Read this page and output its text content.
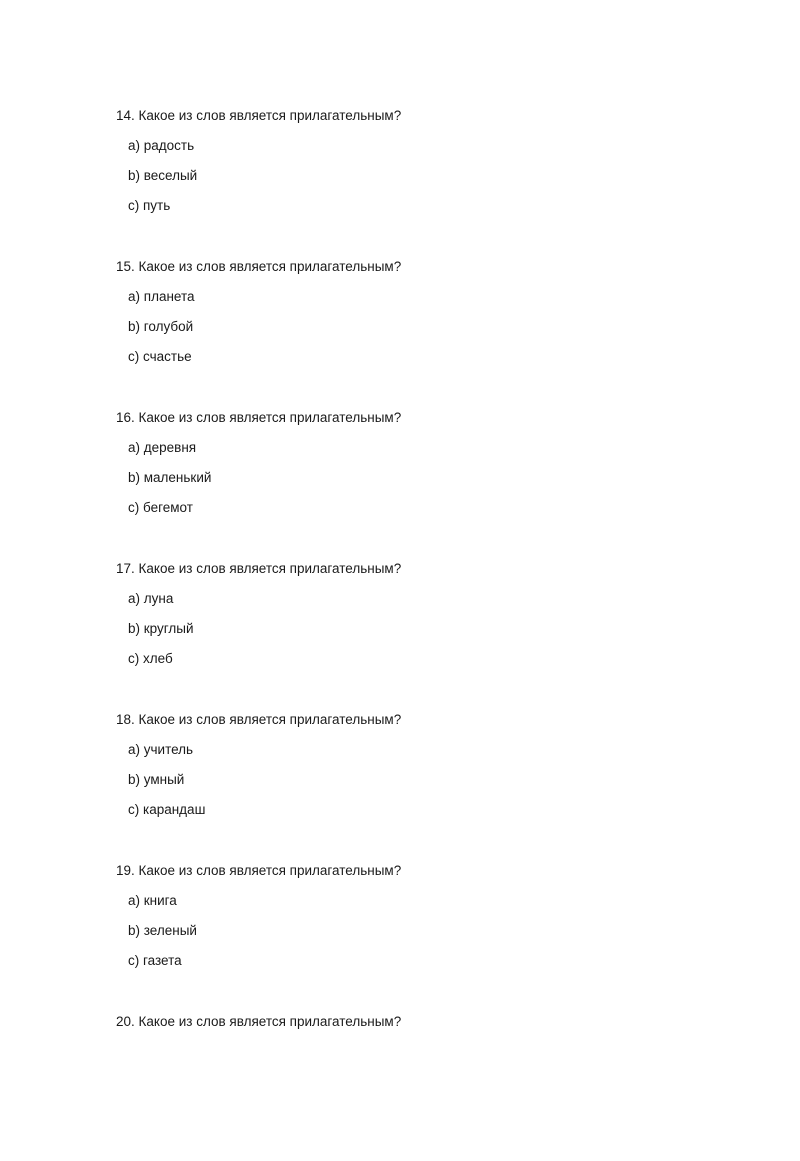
14. Какое из слов является прилагательным?
a) радость
b) веселый
c) путь
15. Какое из слов является прилагательным?
a) планета
b) голубой
c) счастье
16. Какое из слов является прилагательным?
a) деревня
b) маленький
c) бегемот
17. Какое из слов является прилагательным?
a) луна
b) круглый
c) хлеб
18. Какое из слов является прилагательным?
a) учитель
b) умный
c) карандаш
19. Какое из слов является прилагательным?
a) книга
b) зеленый
c) газета
20. Какое из слов является прилагательным?
